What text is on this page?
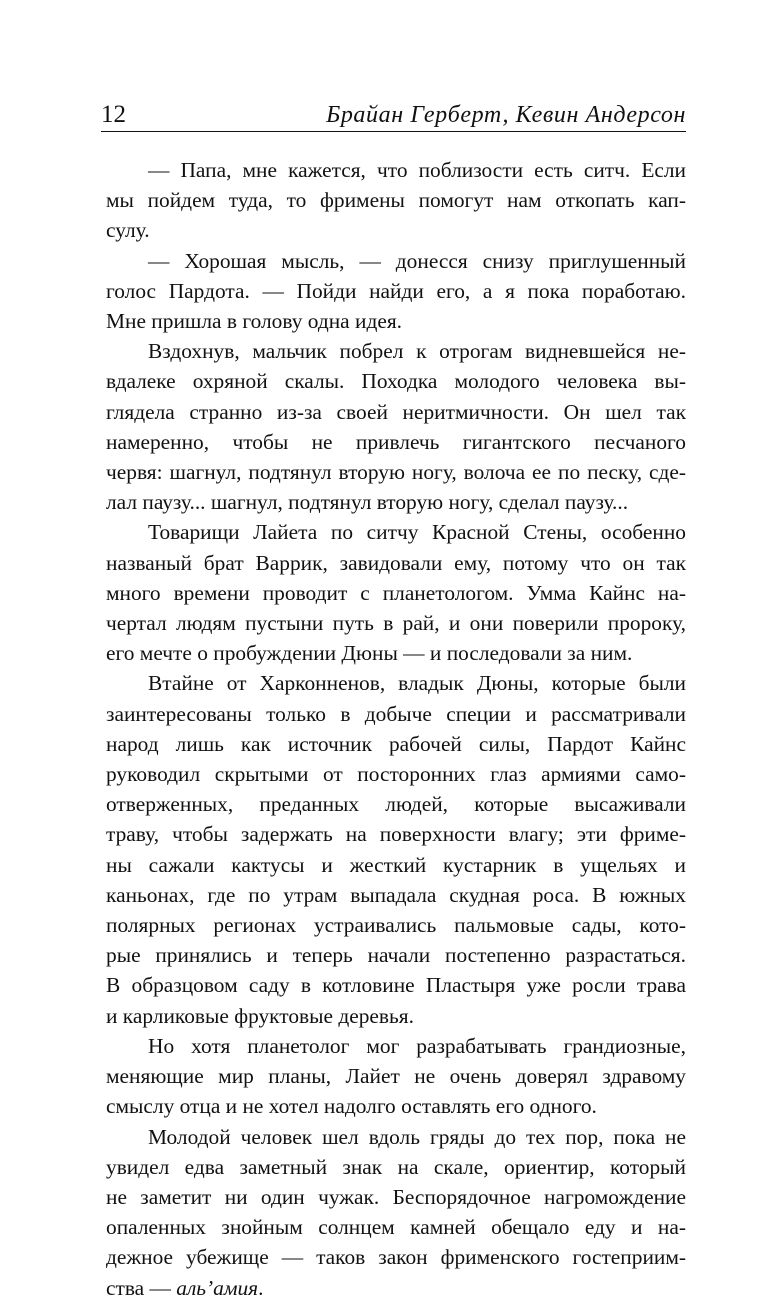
12	Брайан Герберт, Кевин Андерсон
— Папа, мне кажется, что поблизости есть ситч. Если
мы пойдем туда, то фримены помогут нам откопать кап-
сулу.
— Хорошая мысль, — донесся снизу приглушенный
голос Пардота. — Пойди найди его, а я пока поработаю.
Мне пришла в голову одна идея.
Вздохнув, мальчик побрел к отрогам видневшейся не-
вдалеке охряной скалы. Походка молодого человека вы-
глядела странно из-за своей неритмичности. Он шел так
намеренно, чтобы не привлечь гигантского песчаного
червя: шагнул, подтянул вторую ногу, волоча ее по песку, сде-
лал паузу... шагнул, подтянул вторую ногу, сделал паузу...
Товарищи Лайета по ситчу Красной Стены, особенно
названый брат Варрик, завидовали ему, потому что он так
много времени проводит с планетологом. Умма Кайнс на-
чертал людям пустыни путь в рай, и они поверили пророку,
его мечте о пробуждении Дюны — и последовали за ним.
Втайне от Харконненов, владык Дюны, которые были
заинтересованы только в добыче специи и рассматривали
народ лишь как источник рабочей силы, Пардот Кайнс
руководил скрытыми от посторонних глаз армиями само-
отверженных, преданных людей, которые высаживали
траву, чтобы задержать на поверхности влагу; эти фриме-
ны сажали кактусы и жесткий кустарник в ущельях и
каньонах, где по утрам выпадала скудная роса. В южных
полярных регионах устраивались пальмовые сады, кото-
рые принялись и теперь начали постепенно разрастаться.
В образцовом саду в котловине Пластыря уже росли трава
и карликовые фруктовые деревья.
Но хотя планетолог мог разрабатывать грандиозные,
меняющие мир планы, Лайет не очень доверял здравому
смыслу отца и не хотел надолго оставлять его одного.
Молодой человек шел вдоль гряды до тех пор, пока не
увидел едва заметный знак на скале, ориентир, который
не заметит ни один чужак. Беспорядочное нагромождение
опаленных знойным солнцем камней обещало еду и на-
дежное убежище — таков закон фрименского гостеприим-
ства — аль’амия.
